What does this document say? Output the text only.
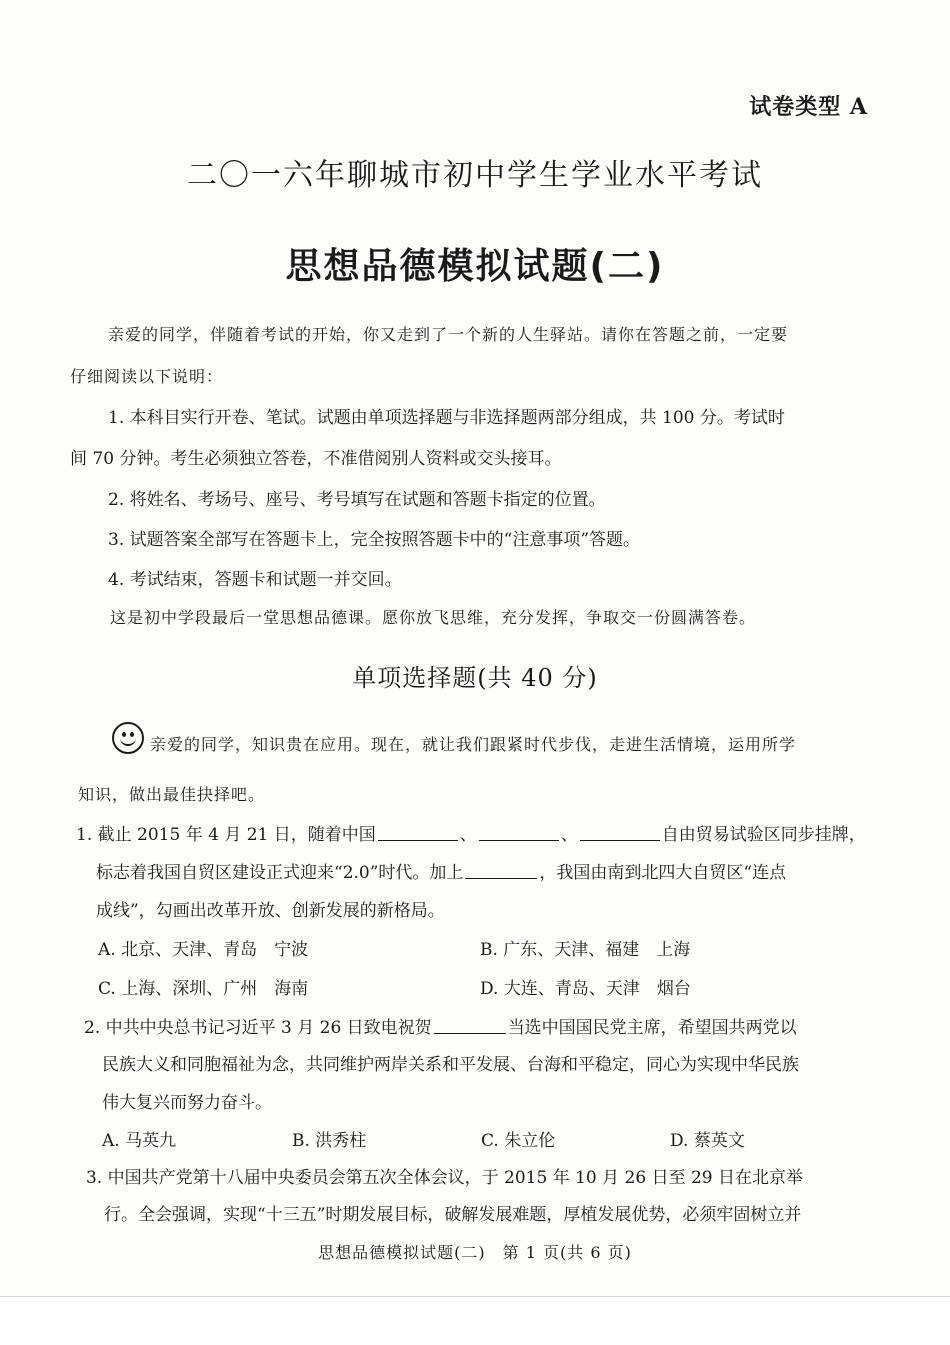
试卷类型 A
二〇一六年聊城市初中学生学业水平考试
思想品德模拟试题(二)
亲爱的同学，伴随着考试的开始，你又走到了一个新的人生驿站。请你在答题之前，一定要
仔细阅读以下说明：
1. 本科目实行开卷、笔试。试题由单项选择题与非选择题两部分组成，共 100 分。考试时
间 70 分钟。考生必须独立答卷，不准借阅别人资料或交头接耳。
2. 将姓名、考场号、座号、考号填写在试题和答题卡指定的位置。
3. 试题答案全部写在答题卡上，完全按照答题卡中的“注意事项”答题。
4. 考试结束，答题卡和试题一并交回。
这是初中学段最后一堂思想品德课。愿你放飞思维，充分发挥，争取交一份圆满答卷。
单项选择题(共 40 分)
亲爱的同学，知识贵在应用。现在，就让我们跟紧时代步伐，走进生活情境，运用所学
知识，做出最佳抉择吧。
1. 截止 2015 年 4 月 21 日，随着中国	、	、	自由贸易试验区同步挂牌，
标志着我国自贸区建设正式迎来“2.0”时代。加上	，我国由南到北四大自贸区“连点
成线”，勾画出改革开放、创新发展的新格局。
A. 北京、天津、青岛　宁波	B. 广东、天津、福建　上海
C. 上海、深圳、广州　海南	D. 大连、青岛、天津　烟台
2. 中共中央总书记习近平 3 月 26 日致电祝贺	当选中国国民党主席，希望国共两党以
民族大义和同胞福祉为念，共同维护两岸关系和平发展、台海和平稳定，同心为实现中华民族
伟大复兴而努力奋斗。
A. 马英九	B. 洪秀柱	C. 朱立伦	D. 蔡英文
3. 中国共产党第十八届中央委员会第五次全体会议，于 2015 年 10 月 26 日至 29 日在北京举
行。全会强调，实现“十三五”时期发展目标，破解发展难题，厚植发展优势，必须牢固树立并
思想品德模拟试题(二)　第 1 页(共 6 页)
